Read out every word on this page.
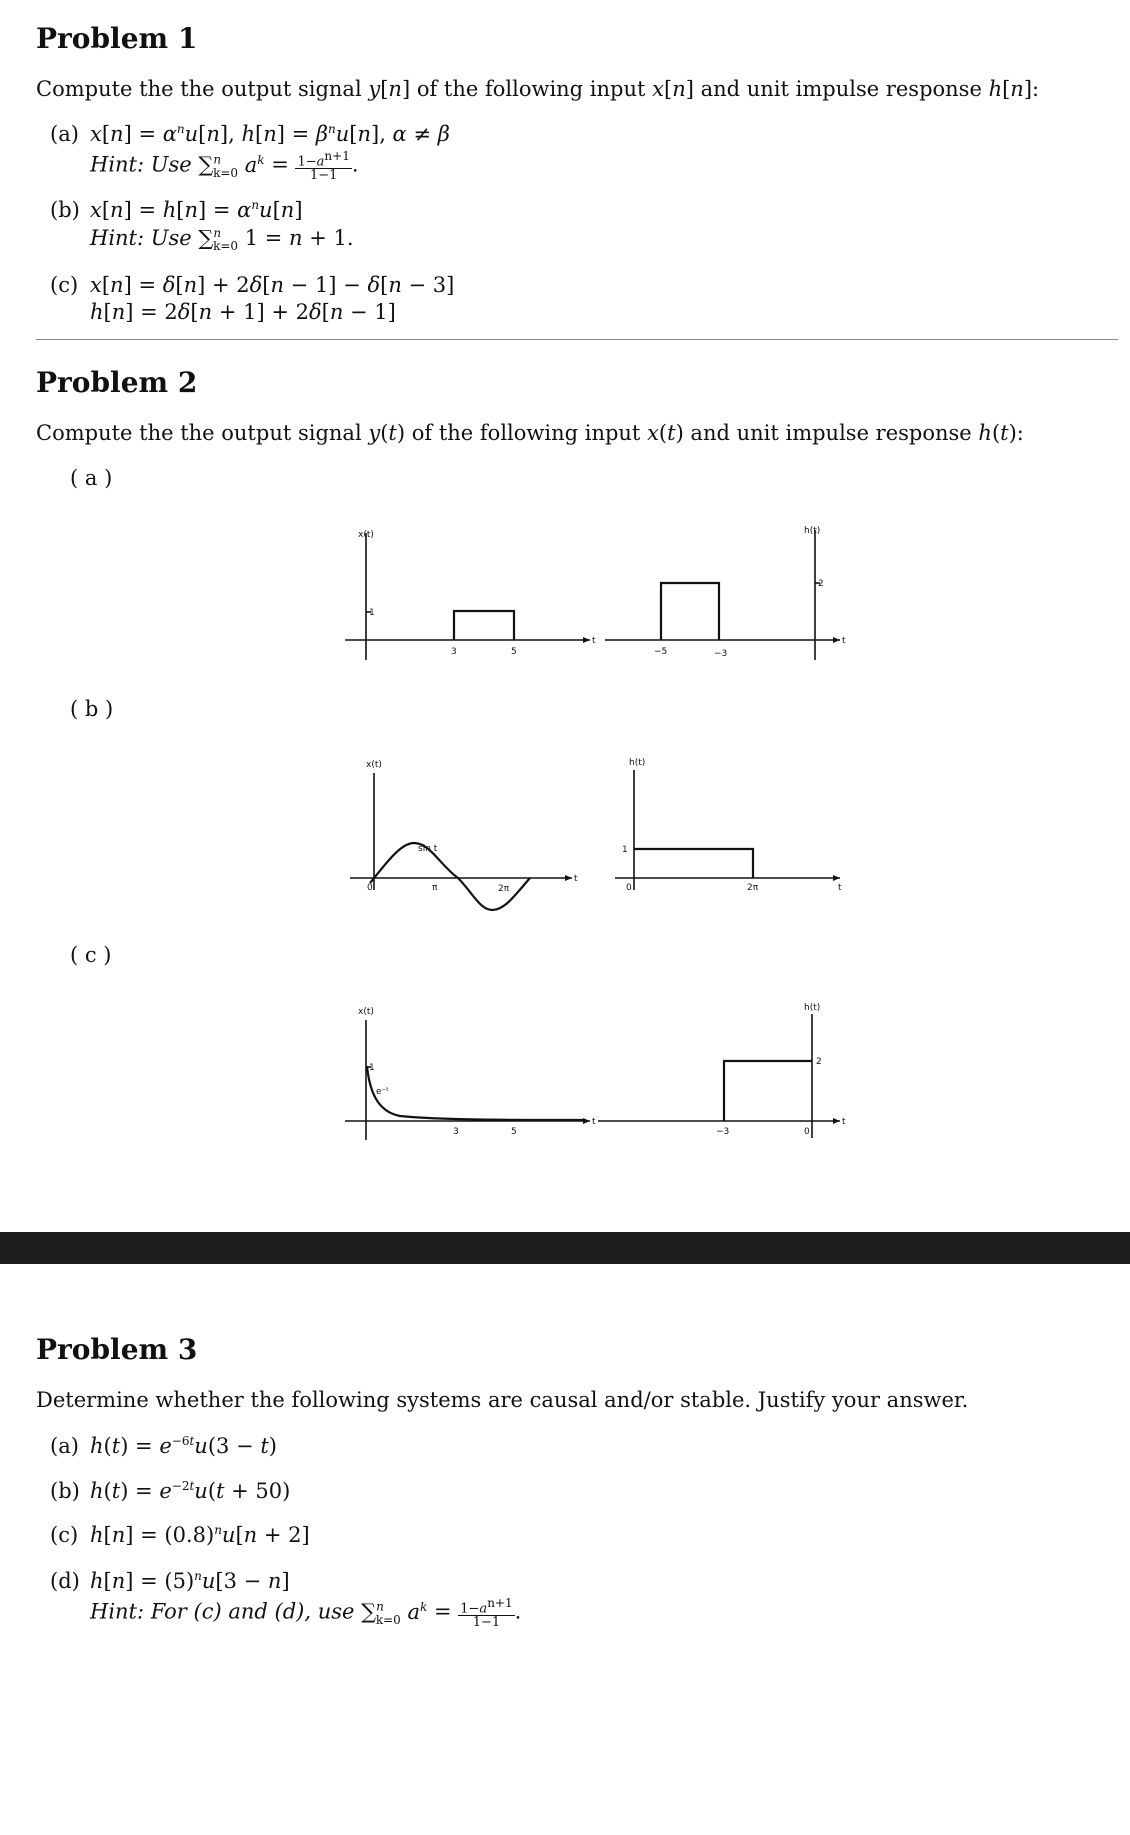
Problem 1
Compute the the output signal y[n] of the following input x[n] and unit impulse response h[n]:
(a) $x[n] = \alpha^nu[n]$, $h[n] = \beta^nu[n]$, α ≠ β
Hint: Use ∑$^n_{k=0}$ $a^k = \frac{1-a^{n+1}}{1-1}$ .
(b) $x[n] = h[n] = \alpha^nu[n]$
Hint: Use ∑$^n_{k=0}$ 1 = n + 1.
(c) x[n] = δ[n] + 2δ[n − 1] − δ[n − 3]
h[n] = 2δ[n + 1] + 2δ[n − 1]
Problem 2
Compute the the output signal y(t) of the following input x(t) and unit impulse response h(t):
( a )
( b )
( c )
x(t)
1
3	5
t
h(t)
2
−5	−3
t
x(t)
sin t
0	π	2π
t
h(t)
1
0	2π	t
x(t)
1
e⁻ᵗ
3	5
t
h(t)
2
−3	0
t
Problem 3
Determine whether the following systems are causal and/or stable. Justify your answer.
(a) $h(t) = e^{-6t}u(3 - t)$
(b) $h(t) = e^{-2t}u(t + 50)$
(c) $h[n] = (0.8)^nu[n + 2]$
(d) $h[n] = (5)^nu[3 - n]$
Hint: For (c) and (d), use ∑$^n_{k=0}$ $a^k = \frac{1-a^{n+1}}{1-1}$ .
